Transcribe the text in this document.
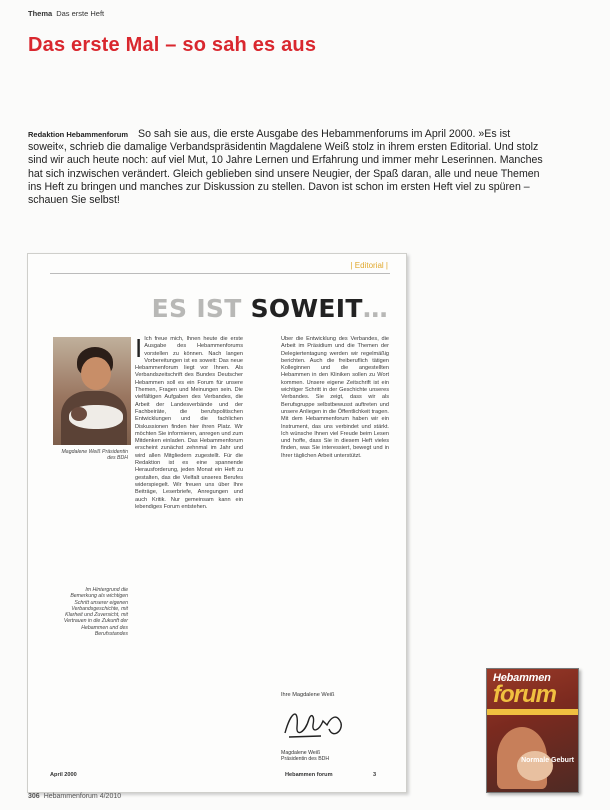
Thema Das erste Heft
Das erste Mal – so sah es aus
Redaktion Hebammenforum So sah sie aus, die erste Ausgabe des Hebammenforums im April 2000. »Es ist soweit«, schrieb die damalige Verbandspräsidentin Magdalene Weiß stolz in ihrem ersten Editorial. Und stolz sind wir auch heute noch: auf viel Mut, 10 Jahre Lernen und Erfahrung und immer mehr Leserinnen. Manches hat sich inzwischen verändert. Gleich geblieben sind unsere Neugier, der Spaß daran, alle und neue Themen ins Heft zu bringen und manches zur Diskussion zu stellen. Davon ist schon im ersten Heft viel zu spüren – schauen Sie selbst!
| Editorial |
ES IST SOWEIT…
Magdalene Weiß Präsidentin des BDH
Im Hintergrund die Bemerkung als wichtigen Schritt unserer eigenen Verbandsgeschichte, mit Klarheit und Zuversicht, mit Vertrauen in die Zukunft der Hebammen und des Berufsstandes
I Ich freue mich, Ihnen heute die erste Ausgabe des Hebammenforums vorstellen zu können. Nach langen Vorbereitungen ist es soweit: Das neue Hebammenforum liegt vor Ihnen. Als Verbandszeitschrift des Bundes Deutscher Hebammen soll es ein Forum für unsere Themen, Fragen und Meinungen sein. Die vielfältigen Aufgaben des Verbandes, die Arbeit der Landesverbände und der Fachbeiräte, die berufspolitischen Entwicklungen und die fachlichen Diskussionen finden hier ihren Platz. Wir möchten Sie informieren, anregen und zum Mitdenken einladen. Das Hebammenforum erscheint zunächst zehnmal im Jahr und wird allen Mitgliedern zugestellt. Für die Redaktion ist es eine spannende Herausforderung, jeden Monat ein Heft zu gestalten, das die Vielfalt unseres Berufes widerspiegelt. Wir freuen uns über Ihre Beiträge, Leserbriefe, Anregungen und auch Kritik. Nur gemeinsam kann ein lebendiges Forum entstehen.
Über die Entwicklung des Verbandes, die Arbeit im Präsidium und die Themen der Delegiertentagung werden wir regelmäßig berichten. Auch die freiberuflich tätigen Kolleginnen und die angestellten Hebammen in den Kliniken sollen zu Wort kommen. Unsere eigene Zeitschrift ist ein wichtiger Schritt in der Geschichte unseres Verbandes. Sie zeigt, dass wir als Berufsgruppe selbstbewusst auftreten und unsere Anliegen in die Öffentlichkeit tragen. Mit dem Hebammenforum haben wir ein Instrument, das uns verbindet und stärkt. Ich wünsche Ihnen viel Freude beim Lesen und hoffe, dass Sie in diesem Heft vieles finden, was Sie interessiert, bewegt und in Ihrer täglichen Arbeit unterstützt.
Ihre Magdalene Weiß
Magdalene Weiß
Präsidentin des BDH
April 2000	Hebammen forum	3
Hebammen
forum
Normale Geburt
306 Hebammenforum 4/2010
